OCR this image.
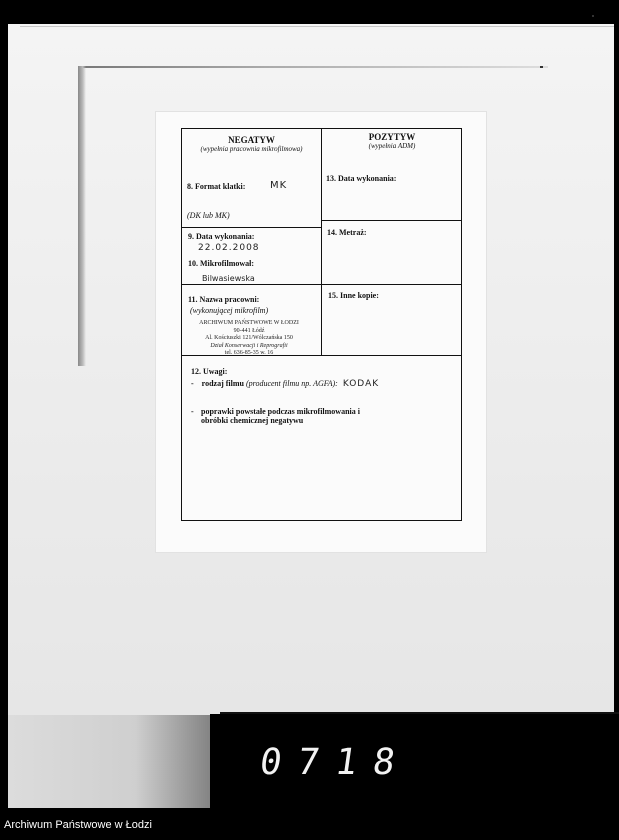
NEGATYW
(wypełnia pracownia mikrofilmowa)
POZYTYW
(wypełnia ADM)
8. Format klatki: MK
(DK lub MK)
13. Data wykonania:
9. Data wykonania:
22.02.2008
10. Mikrofilmował:
Bilwasiewska
14. Metraż:
11. Nazwa pracowni:
(wykonującej mikrofilm)
ARCHIWUM PAŃSTWOWE W ŁODZI
90-441 Łódź
Al. Kościuszki 121/Wólczańska 150
Dział Konserwacji i Reprografii
tel. 636-85-35 w. 16
15. Inne kopie:
12. Uwagi:
- rodzaj filmu (producent filmu np. AGFA): KODAK
- poprawki powstałe podczas mikrofilmowania i obróbki chemicznej negatywu
0718
Archiwum Państwowe w Łodzi
